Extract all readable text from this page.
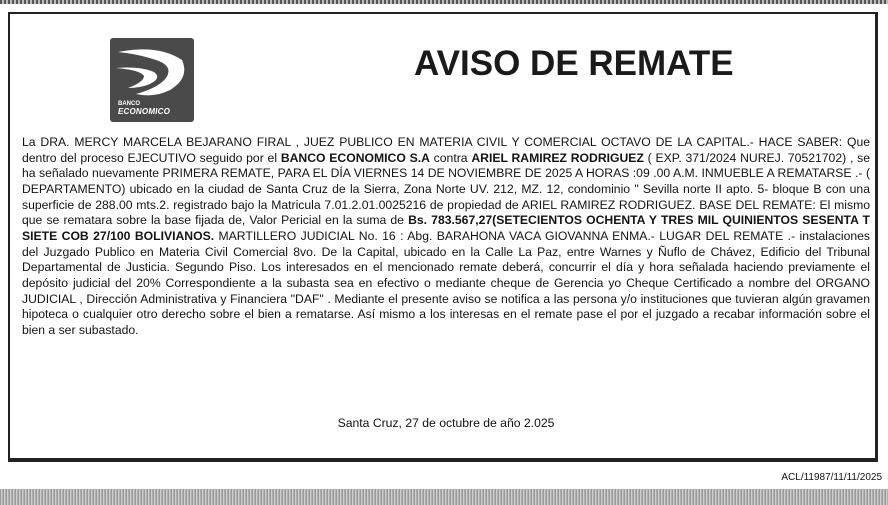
BANCO
ECONOMICO
AVISO DE REMATE
La DRA. MERCY MARCELA BEJARANO FIRAL , JUEZ PUBLICO EN MATERIA CIVIL Y COMERCIAL OCTAVO DE LA CAPITAL.- HACE SABER: Que dentro del proceso EJECUTIVO seguido por el BANCO ECONOMICO S.A contra ARIEL RAMIREZ RODRIGUEZ ( EXP. 371/2024 NUREJ. 70521702) , se ha señalado nuevamente PRIMERA REMATE, PARA EL DÍA VIERNES 14 DE NOVIEMBRE DE 2025 A HORAS :09 .00 A.M. INMUEBLE A REMATARSE .- ( DEPARTAMENTO) ubicado en la ciudad de Santa Cruz de la Sierra, Zona Norte UV. 212, MZ. 12, condominio " Sevilla norte II apto. 5- bloque B con una superficie de 288.00 mts.2. registrado bajo la Matricula 7.01.2.01.0025216 de propiedad de ARIEL RAMIREZ RODRIGUEZ. BASE DEL REMATE: El mismo que se rematara sobre la base fijada de, Valor Pericial en la suma de Bs. 783.567,27(SETECIENTOS OCHENTA Y TRES MIL QUINIENTOS SESENTA T SIETE COB 27/100 BOLIVIANOS. MARTILLERO JUDICIAL No. 16 : Abg. BARAHONA VACA GIOVANNA ENMA.- LUGAR DEL REMATE .- instalaciones del Juzgado Publico en Materia Civil Comercial 8vo. De la Capital, ubicado en la Calle La Paz, entre Warnes y Ñuflo de Chávez, Edificio del Tribunal Departamental de Justicia. Segundo Piso. Los interesados en el mencionado remate deberá, concurrir el día y hora señalada haciendo previamente el depósito judicial del 20% Correspondiente a la subasta sea en efectivo o mediante cheque de Gerencia yo Cheque Certificado a nombre del ORGANO JUDICIAL , Dirección Administrativa y Financiera "DAF" . Mediante el presente aviso se notifica a las persona y/o instituciones que tuvieran algún gravamen hipoteca o cualquier otro derecho sobre el bien a rematarse. Así mismo a los interesas en el remate pase el por el juzgado a recabar información sobre el bien a ser subastado.
Santa Cruz, 27 de octubre de año 2.025
ACL/11987/11/11/2025
